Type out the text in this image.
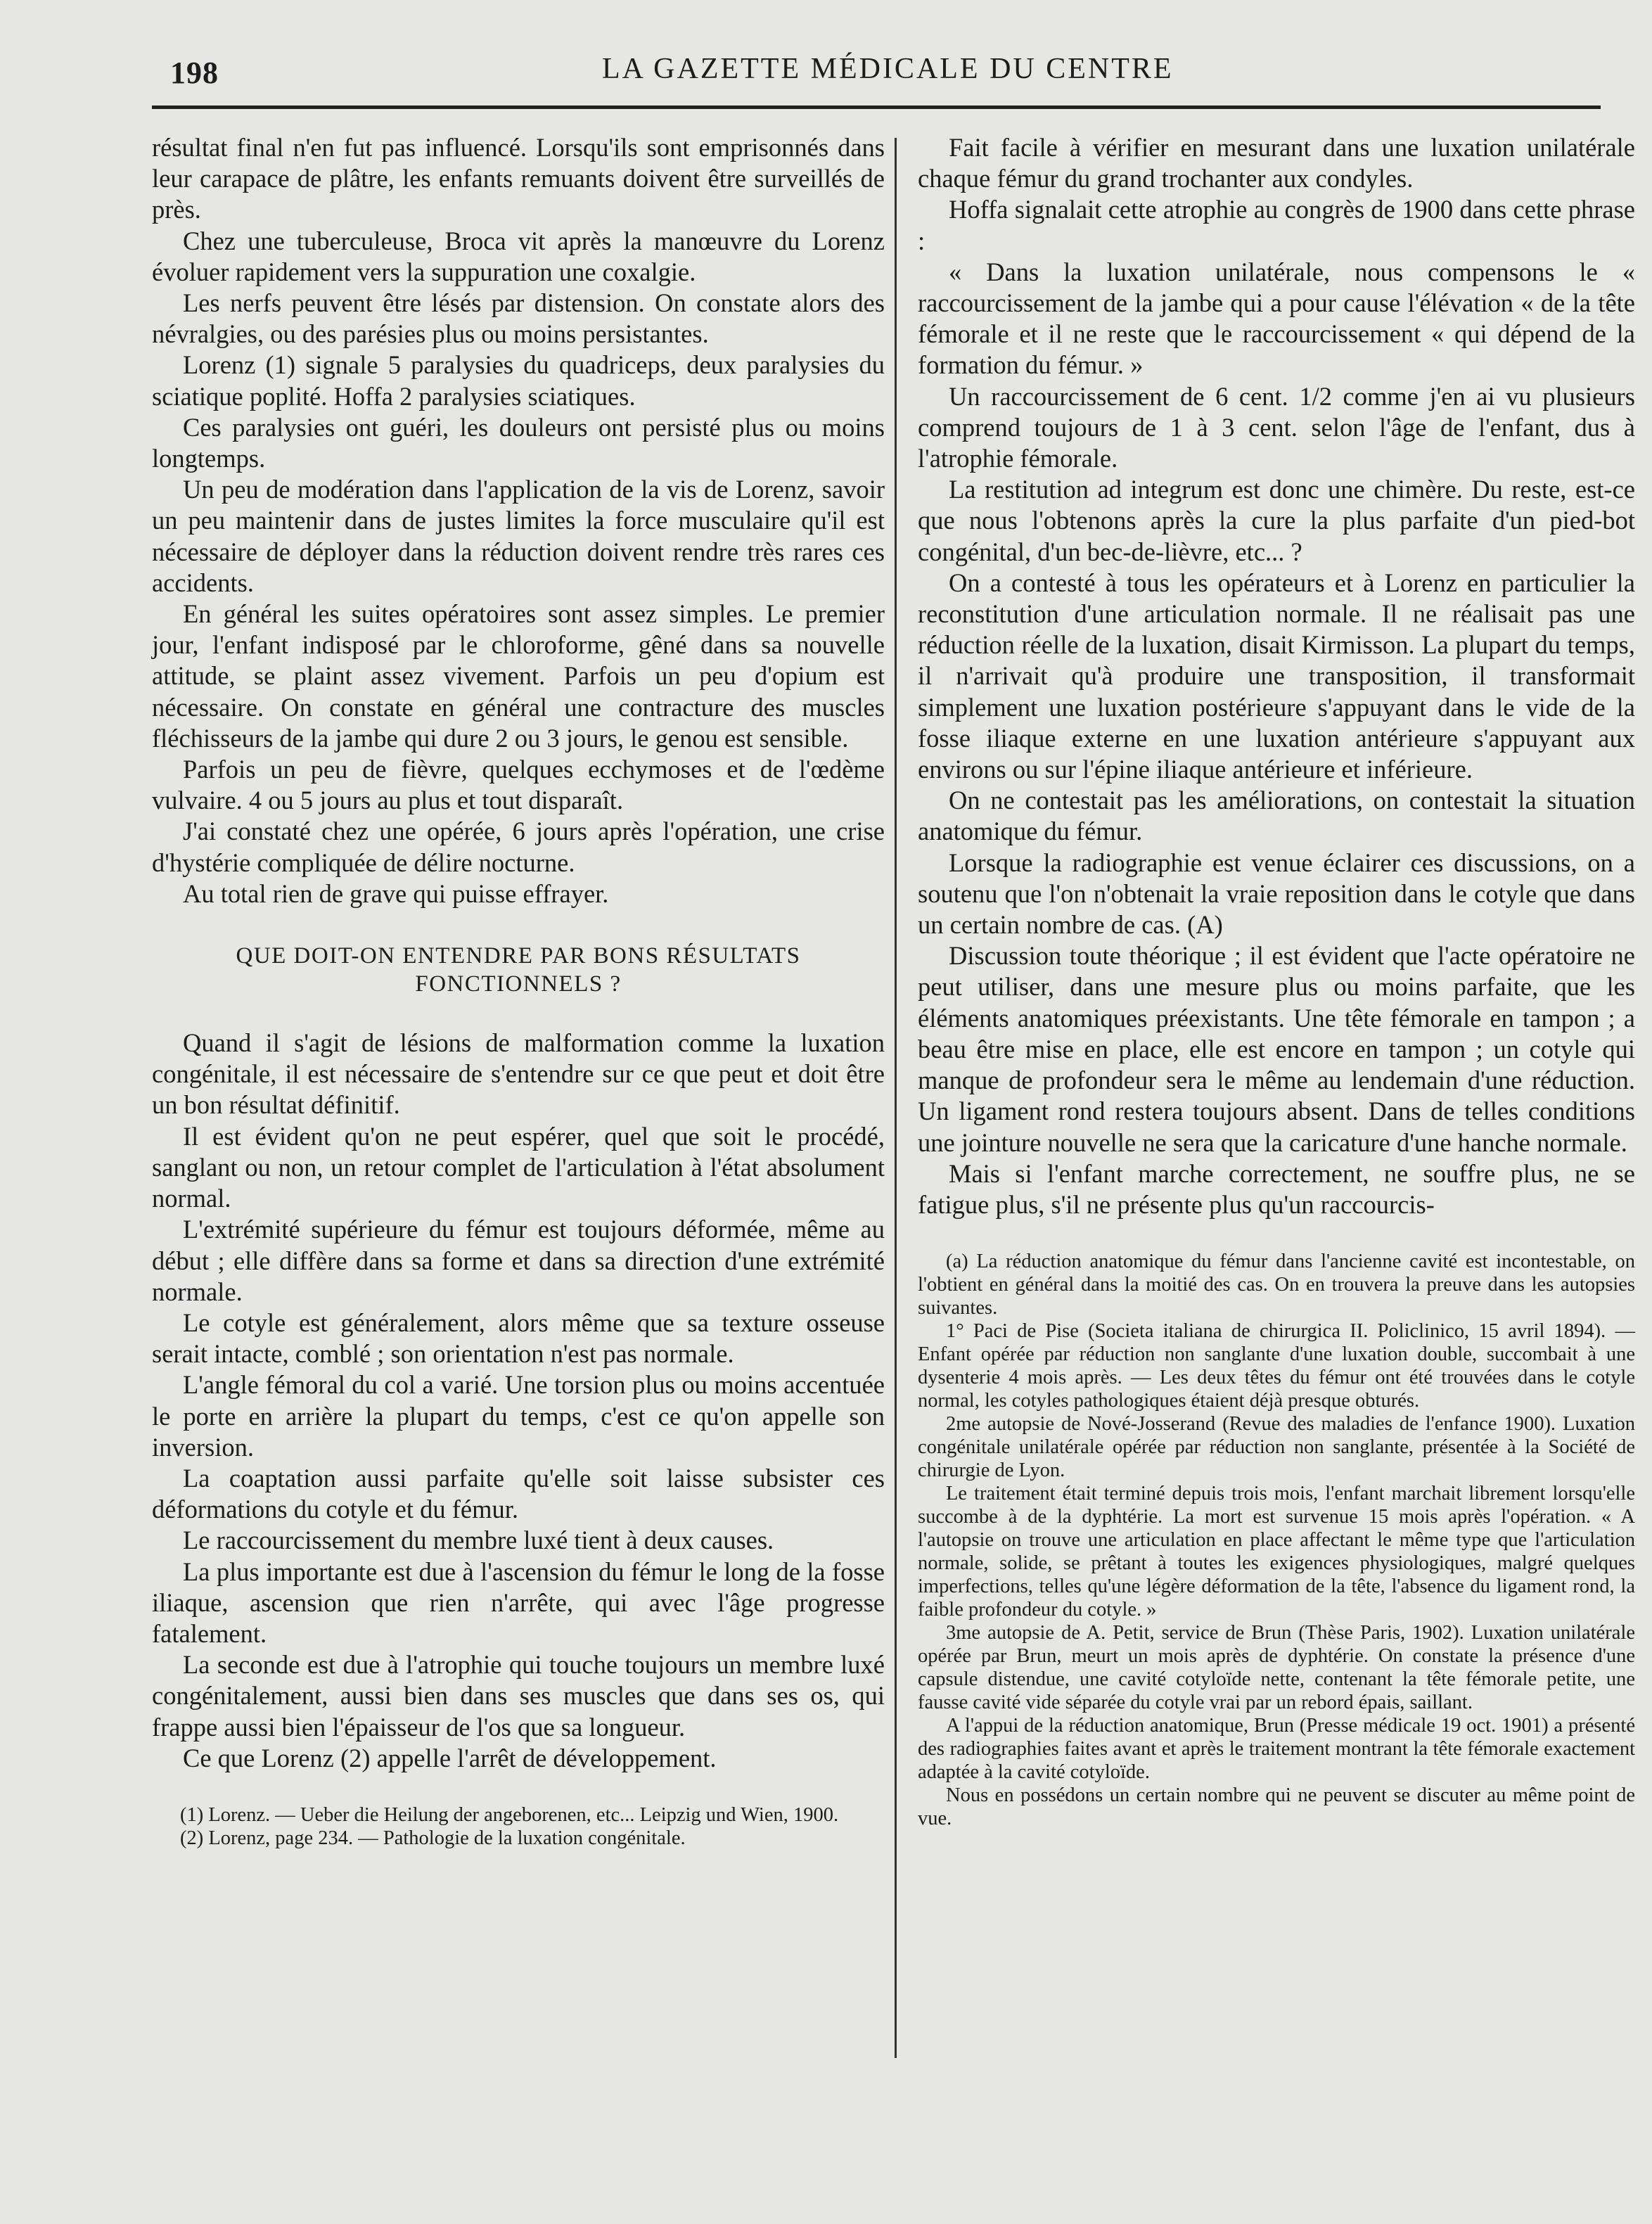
198	LA GAZETTE MÉDICALE DU CENTRE

résultat final n'en fut pas influencé. Lorsqu'ils sont emprisonnés dans leur carapace de plâtre, les enfants remuants doivent être surveillés de près.

Chez une tuberculeuse, Broca vit après la manœuvre du Lorenz évoluer rapidement vers la suppuration une coxalgie.

Les nerfs peuvent être lésés par distension. On constate alors des névralgies, ou des parésies plus ou moins persistantes.

Lorenz (1) signale 5 paralysies du quadriceps, deux paralysies du sciatique poplité. Hoffa 2 paralysies sciatiques.

Ces paralysies ont guéri, les douleurs ont persisté plus ou moins longtemps.

Un peu de modération dans l'application de la vis de Lorenz, savoir un peu maintenir dans de justes limites la force musculaire qu'il est nécessaire de déployer dans la réduction doivent rendre très rares ces accidents.

En général les suites opératoires sont assez simples. Le premier jour, l'enfant indisposé par le chloroforme, gêné dans sa nouvelle attitude, se plaint assez vivement. Parfois un peu d'opium est nécessaire. On constate en général une contracture des muscles fléchisseurs de la jambe qui dure 2 ou 3 jours, le genou est sensible.

Parfois un peu de fièvre, quelques ecchymoses et de l'œdème vulvaire. 4 ou 5 jours au plus et tout disparaît.

J'ai constaté chez une opérée, 6 jours après l'opération, une crise d'hystérie compliquée de délire nocturne.

Au total rien de grave qui puisse effrayer.

QUE DOIT-ON ENTENDRE PAR BONS RÉSULTATS
FONCTIONNELS ?

Quand il s'agit de lésions de malformation comme la luxation congénitale, il est nécessaire de s'entendre sur ce que peut et doit être un bon résultat définitif.

Il est évident qu'on ne peut espérer, quel que soit le procédé, sanglant ou non, un retour complet de l'articulation à l'état absolument normal.

L'extrémité supérieure du fémur est toujours déformée, même au début ; elle diffère dans sa forme et dans sa direction d'une extrémité normale.

Le cotyle est généralement, alors même que sa texture osseuse serait intacte, comblé ; son orientation n'est pas normale.

L'angle fémoral du col a varié. Une torsion plus ou moins accentuée le porte en arrière la plupart du temps, c'est ce qu'on appelle son inversion.

La coaptation aussi parfaite qu'elle soit laisse subsister ces déformations du cotyle et du fémur.

Le raccourcissement du membre luxé tient à deux causes.

La plus importante est due à l'ascension du fémur le long de la fosse iliaque, ascension que rien n'arrête, qui avec l'âge progresse fatalement.

La seconde est due à l'atrophie qui touche toujours un membre luxé congénitalement, aussi bien dans ses muscles que dans ses os, qui frappe aussi bien l'épaisseur de l'os que sa longueur.

Ce que Lorenz (2) appelle l'arrêt de développement.

(1) Lorenz. — Ueber die Heilung der angeborenen, etc... Leipzig und Wien, 1900.
(2) Lorenz, page 234. — Pathologie de la luxation congénitale.

Fait facile à vérifier en mesurant dans une luxation unilatérale chaque fémur du grand trochanter aux condyles.

Hoffa signalait cette atrophie au congrès de 1900 dans cette phrase :

« Dans la luxation unilatérale, nous compensons le « raccourcissement de la jambe qui a pour cause l'élévation « de la tête fémorale et il ne reste que le raccourcissement « qui dépend de la formation du fémur. »

Un raccourcissement de 6 cent. 1/2 comme j'en ai vu plusieurs comprend toujours de 1 à 3 cent. selon l'âge de l'enfant, dus à l'atrophie fémorale.

La restitution ad integrum est donc une chimère. Du reste, est-ce que nous l'obtenons après la cure la plus parfaite d'un pied-bot congénital, d'un bec-de-lièvre, etc... ?

On a contesté à tous les opérateurs et à Lorenz en particulier la reconstitution d'une articulation normale. Il ne réalisait pas une réduction réelle de la luxation, disait Kirmisson. La plupart du temps, il n'arrivait qu'à produire une transposition, il transformait simplement une luxation postérieure s'appuyant dans le vide de la fosse iliaque externe en une luxation antérieure s'appuyant aux environs ou sur l'épine iliaque antérieure et inférieure.

On ne contestait pas les améliorations, on contestait la situation anatomique du fémur.

Lorsque la radiographie est venue éclairer ces discussions, on a soutenu que l'on n'obtenait la vraie reposition dans le cotyle que dans un certain nombre de cas. (A)

Discussion toute théorique ; il est évident que l'acte opératoire ne peut utiliser, dans une mesure plus ou moins parfaite, que les éléments anatomiques préexistants. Une tête fémorale en tampon ; a beau être mise en place, elle est encore en tampon ; un cotyle qui manque de profondeur sera le même au lendemain d'une réduction. Un ligament rond restera toujours absent. Dans de telles conditions une jointure nouvelle ne sera que la caricature d'une hanche normale.

Mais si l'enfant marche correctement, ne souffre plus, ne se fatigue plus, s'il ne présente plus qu'un raccourcis-

(a) La réduction anatomique du fémur dans l'ancienne cavité est incontestable, on l'obtient en général dans la moitié des cas. On en trouvera la preuve dans les autopsies suivantes.
1° Paci de Pise (Societa italiana de chirurgica II. Policlinico, 15 avril 1894). — Enfant opérée par réduction non sanglante d'une luxation double, succombait à une dysenterie 4 mois après. — Les deux têtes du fémur ont été trouvées dans le cotyle normal, les cotyles pathologiques étaient déjà presque obturés.
2me autopsie de Nové-Josserand (Revue des maladies de l'enfance 1900). Luxation congénitale unilatérale opérée par réduction non sanglante, présentée à la Société de chirurgie de Lyon.
Le traitement était terminé depuis trois mois, l'enfant marchait librement lorsqu'elle succombe à de la dyphtérie. La mort est survenue 15 mois après l'opération. « A l'autopsie on trouve une articulation en place affectant le même type que l'articulation normale, solide, se prêtant à toutes les exigences physiologiques, malgré quelques imperfections, telles qu'une légère déformation de la tête, l'absence du ligament rond, la faible profondeur du cotyle. »
3me autopsie de A. Petit, service de Brun (Thèse Paris, 1902). Luxation unilatérale opérée par Brun, meurt un mois après de dyphtérie. On constate la présence d'une capsule distendue, une cavité cotyloïde nette, contenant la tête fémorale petite, une fausse cavité vide séparée du cotyle vrai par un rebord épais, saillant.
A l'appui de la réduction anatomique, Brun (Presse médicale 19 oct. 1901) a présenté des radiographies faites avant et après le traitement montrant la tête fémorale exactement adaptée à la cavité cotyloïde.
Nous en possédons un certain nombre qui ne peuvent se discuter au même point de vue.
